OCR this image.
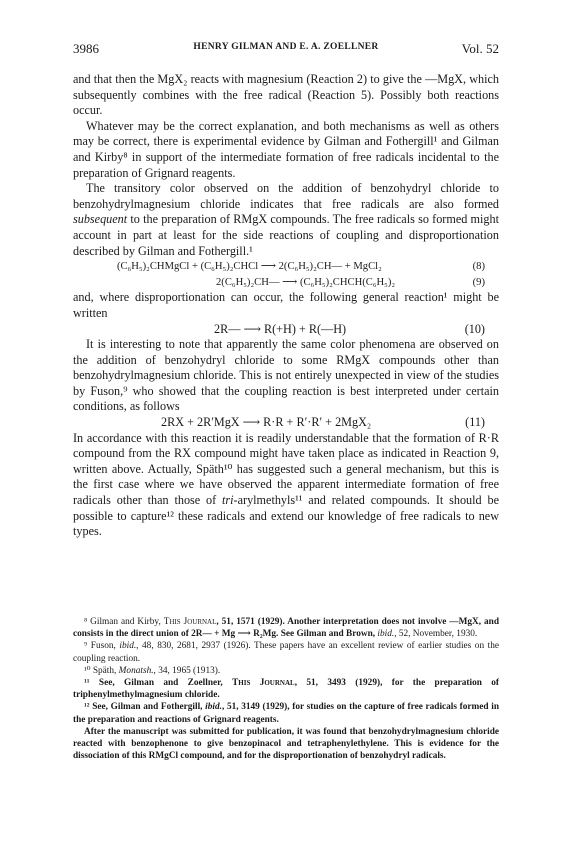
3986	HENRY GILMAN AND E. A. ZOELLNER	Vol. 52

and that then the MgX₂ reacts with magnesium (Reaction 2) to give the —MgX, which subsequently combines with the free radical (Reaction 5). Possibly both reactions occur.

Whatever may be the correct explanation, and both mechanisms as well as others may be correct, there is experimental evidence by Gilman and Fothergill¹ and Gilman and Kirby⁸ in support of the intermediate formation of free radicals incidental to the preparation of Grignard reagents.

The transitory color observed on the addition of benzohydryl chloride to benzohydrylmagnesium chloride indicates that free radicals are also formed subsequent to the preparation of RMgX compounds. The free radicals so formed might account in part at least for the side reactions of coupling and disproportionation described by Gilman and Fothergill.¹

(C₆H₅)₂CHMgCl + (C₆H₅)₂CHCl ⟶ 2(C₆H₅)₂CH— + MgCl₂	(8)
2(C₆H₅)₂CH— ⟶ (C₆H₅)₂CHCH(C₆H₅)₂	(9)

and, where disproportionation can occur, the following general reaction¹ might be written

2R— ⟶ R(+H) + R(—H)	(10)

It is interesting to note that apparently the same color phenomena are observed on the addition of benzohydryl chloride to some RMgX compounds other than benzohydrylmagnesium chloride. This is not entirely unexpected in view of the studies by Fuson,⁹ who showed that the coupling reaction is best interpreted under certain conditions, as follows

2RX + 2R′MgX ⟶ R·R + R′·R′ + 2MgX₂	(11)

In accordance with this reaction it is readily understandable that the formation of R·R compound from the RX compound might have taken place as indicated in Reaction 9, written above. Actually, Späth¹⁰ has suggested such a general mechanism, but this is the first case where we have observed the apparent intermediate formation of free radicals other than those of tri-arylmethyls¹¹ and related compounds. It should be possible to capture¹² these radicals and extend our knowledge of free radicals to new types.

⁸ Gilman and Kirby, This Journal, 51, 1571 (1929). Another interpretation does not involve —MgX, and consists in the direct union of 2R— + Mg ⟶ R₂Mg. See Gilman and Brown, ibid., 52, November, 1930.

⁹ Fuson, ibid., 48, 830, 2681, 2937 (1926). These papers have an excellent review of earlier studies on the coupling reaction.

¹⁰ Späth, Monatsh., 34, 1965 (1913).

¹¹ See, Gilman and Zoellner, This Journal, 51, 3493 (1929), for the preparation of triphenylmethylmagnesium chloride.

¹² See, Gilman and Fothergill, ibid., 51, 3149 (1929), for studies on the capture of free radicals formed in the preparation and reactions of Grignard reagents.

After the manuscript was submitted for publication, it was found that benzohydrylmagnesium chloride reacted with benzophenone to give benzopinacol and tetraphenylethylene. This is evidence for the dissociation of this RMgCl compound, and for the disproportionation of benzohydryl radicals.
